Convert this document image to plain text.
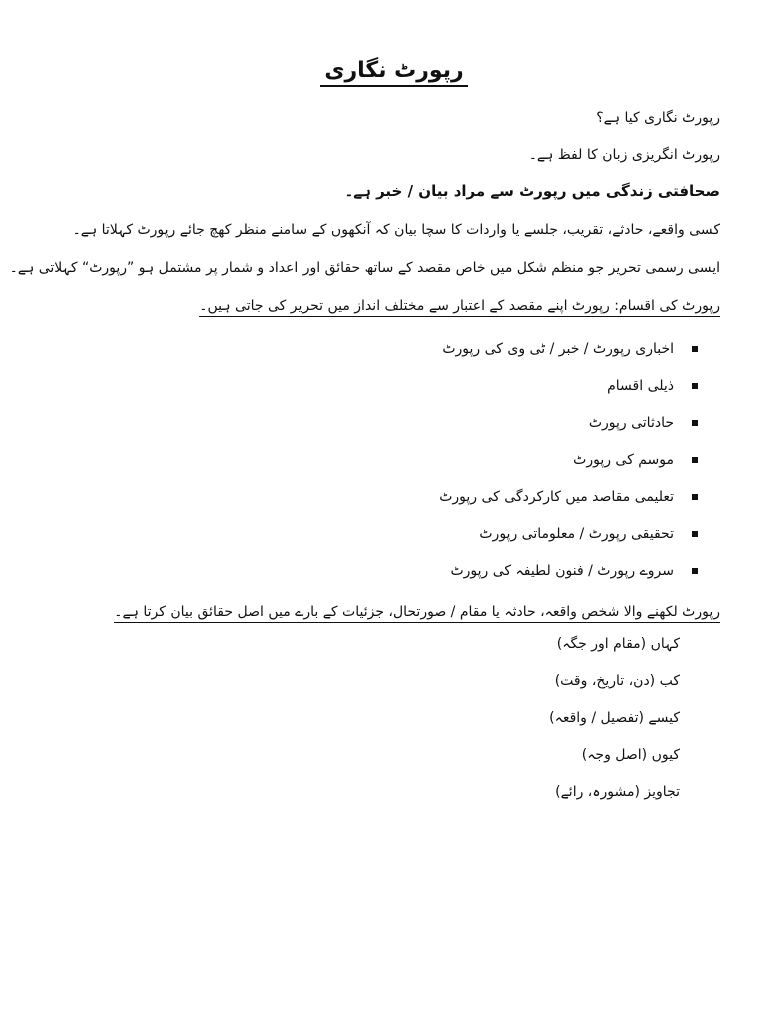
رپورٹ نگاری
رپورٹ نگاری کیا ہے؟
رپورٹ انگریزی زبان کا لفظ ہے۔
صحافتی زندگی میں رپورٹ سے مراد بیان / خبر ہے۔
کسی واقعے، حادثے، تقریب، جلسے یا واردات کا سچا بیان کہ آنکھوں کے سامنے منظر کھچ جائے رپورٹ کہلاتا ہے۔
ایسی رسمی تحریر جو منظم شکل میں خاص مقصد کے ساتھ حقائق اور اعداد و شمار پر مشتمل ہو ”رپورٹ“ کہلاتی ہے۔
رپورٹ کی اقسام: رپورٹ اپنے مقصد کے اعتبار سے مختلف انداز میں تحریر کی جاتی ہیں۔
اخباری رپورٹ / خبر / ٹی وی کی رپورٹ
ذیلی اقسام
حادثاتی رپورٹ
موسم کی رپورٹ
تعلیمی مقاصد میں کارکردگی کی رپورٹ
تحقیقی رپورٹ / معلوماتی رپورٹ
سروے رپورٹ / فنون لطیفہ کی رپورٹ
رپورٹ لکھنے والا شخص واقعہ، حادثہ یا مقام / صورتحال، جزئیات کے بارے میں اصل حقائق بیان کرتا ہے۔
کہاں (مقام اور جگہ)
کب (دن، تاریخ، وقت)
کیسے (تفصیل / واقعہ)
کیوں (اصل وجہ)
تجاویز (مشورہ، رائے)
